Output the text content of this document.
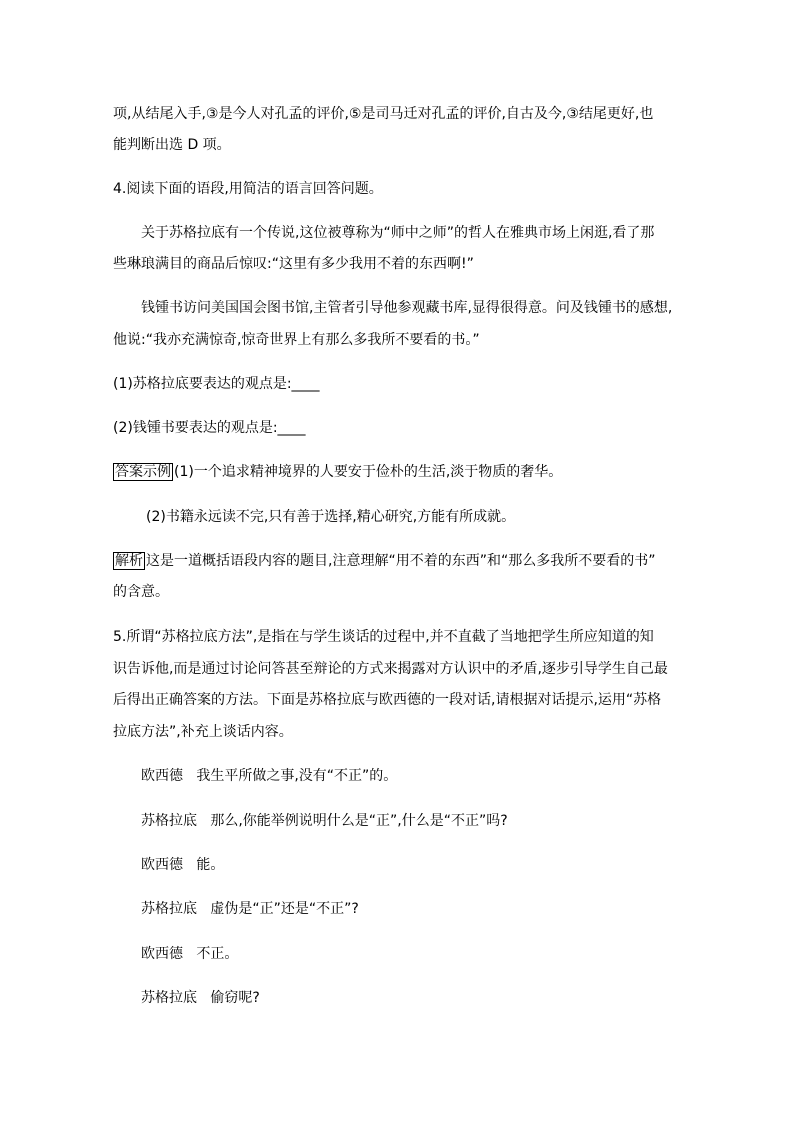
项,从结尾入手,③是今人对孔孟的评价,⑤是司马迁对孔孟的评价,自古及今,③结尾更好,也
能判断出选 D 项。
4.阅读下面的语段,用简洁的语言回答问题。
关于苏格拉底有一个传说,这位被尊称为“师中之师”的哲人在雅典市场上闲逛,看了那
些琳琅满目的商品后惊叹:“这里有多少我用不着的东西啊!”
钱锺书访问美国国会图书馆,主管者引导他参观藏书库,显得很得意。问及钱锺书的感想,
他说:“我亦充满惊奇,惊奇世界上有那么多我所不要看的书。”
(1)苏格拉底要表达的观点是:____
(2)钱锺书要表达的观点是:____
答案示例 (1)一个追求精神境界的人要安于俭朴的生活,淡于物质的奢华。
(2)书籍永远读不完,只有善于选择,精心研究,方能有所成就。
解析 这是一道概括语段内容的题目,注意理解“用不着的东西”和“那么多我所不要看的书”
的含意。
5.所谓“苏格拉底方法”,是指在与学生谈话的过程中,并不直截了当地把学生所应知道的知
识告诉他,而是通过讨论问答甚至辩论的方式来揭露对方认识中的矛盾,逐步引导学生自己最
后得出正确答案的方法。下面是苏格拉底与欧西德的一段对话,请根据对话提示,运用“苏格
拉底方法”,补充上谈话内容。
欧西德   我生平所做之事,没有“不正”的。
苏格拉底   那么,你能举例说明什么是“正”,什么是“不正”吗?
欧西德   能。
苏格拉底   虚伪是“正”还是“不正”?
欧西德   不正。
苏格拉底   偷窃呢?
